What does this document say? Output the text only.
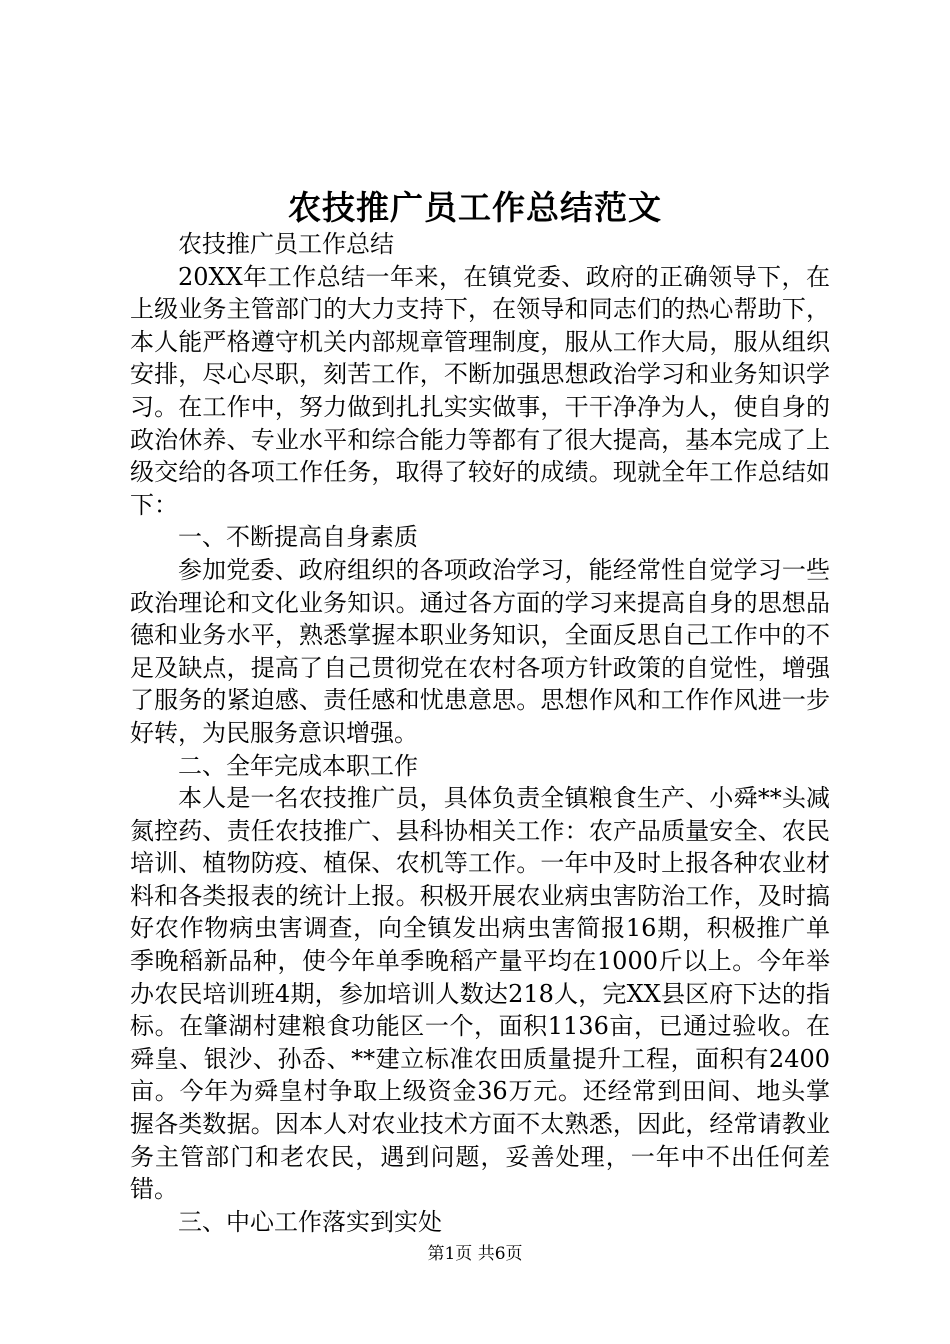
农技推广员工作总结范文

农技推广员工作总结

20XX年工作总结一年来，在镇党委、政府的正确领导下，在上级业务主管部门的大力支持下，在领导和同志们的热心帮助下，本人能严格遵守机关内部规章管理制度，服从工作大局，服从组织安排，尽心尽职，刻苦工作，不断加强思想政治学习和业务知识学习。在工作中，努力做到扎扎实实做事，干干净净为人，使自身的政治休养、专业水平和综合能力等都有了很大提高，基本完成了上级交给的各项工作任务，取得了较好的成绩。现就全年工作总结如下：

一、不断提高自身素质

参加党委、政府组织的各项政治学习，能经常性自觉学习一些政治理论和文化业务知识。通过各方面的学习来提高自身的思想品德和业务水平，熟悉掌握本职业务知识，全面反思自己工作中的不足及缺点，提高了自己贯彻党在农村各项方针政策的自觉性，增强了服务的紧迫感、责任感和忧患意思。思想作风和工作作风进一步好转，为民服务意识增强。

二、全年完成本职工作

本人是一名农技推广员，具体负责全镇粮食生产、小舜**头减氮控药、责任农技推广、县科协相关工作：农产品质量安全、农民培训、植物防疫、植保、农机等工作。一年中及时上报各种农业材料和各类报表的统计上报。积极开展农业病虫害防治工作，及时搞好农作物病虫害调查，向全镇发出病虫害简报16期，积极推广单季晚稻新品种，使今年单季晚稻产量平均在1000斤以上。今年举办农民培训班4期，参加培训人数达218人，完XX县区府下达的指标。在肇湖村建粮食功能区一个，面积1136亩，已通过验收。在舜皇、银沙、孙岙、**建立标准农田质量提升工程，面积有2400亩。今年为舜皇村争取上级资金36万元。还经常到田间、地头掌握各类数据。因本人对农业技术方面不太熟悉，因此，经常请教业务主管部门和老农民，遇到问题，妥善处理，一年中不出任何差错。

三、中心工作落实到实处

第1页 共6页
